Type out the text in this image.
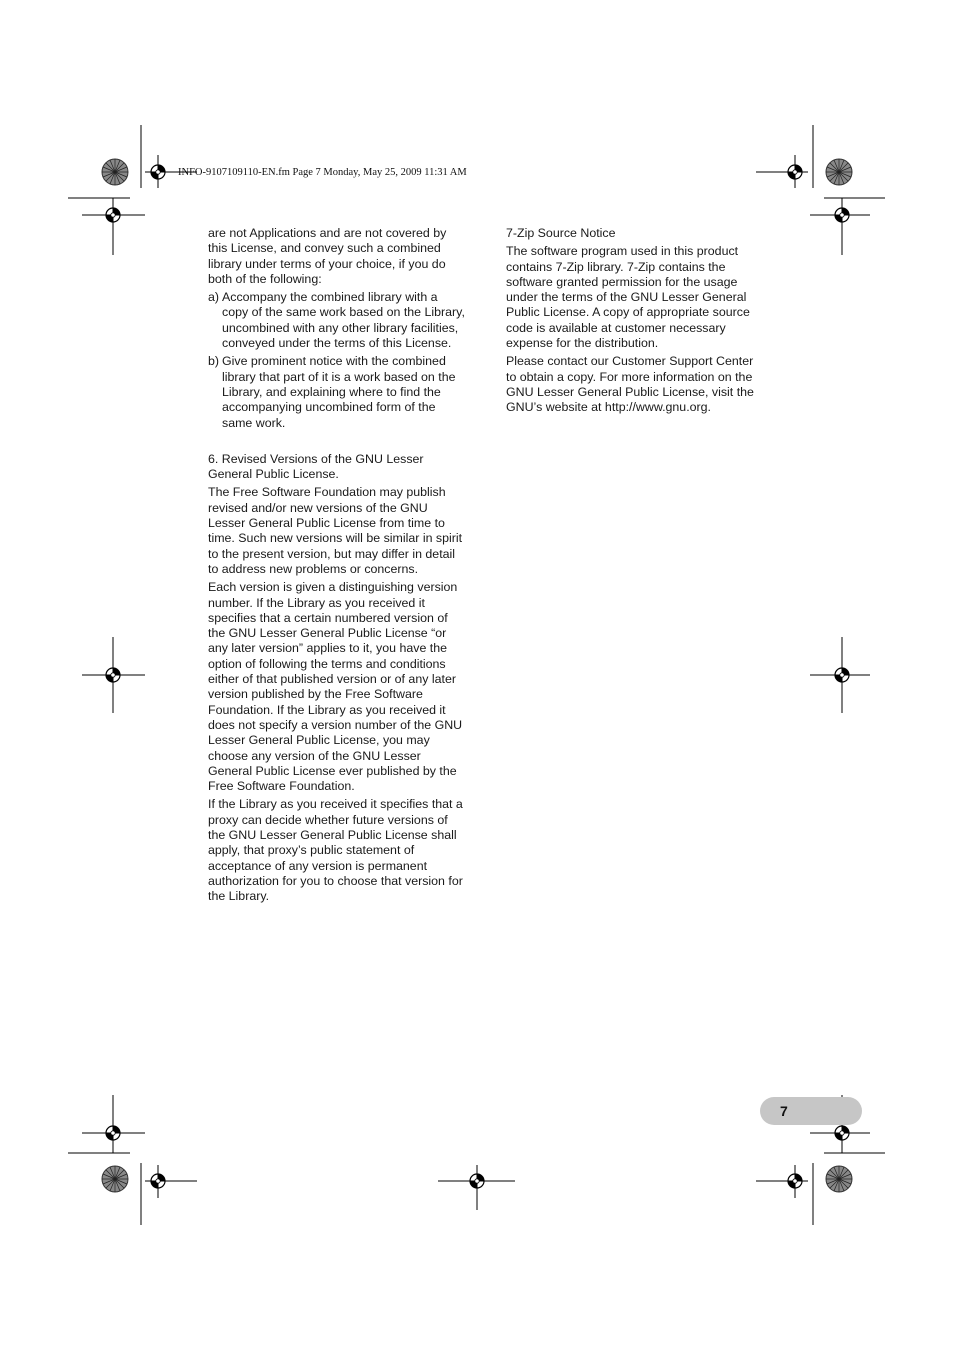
INFO-9107109110-EN.fm Page 7 Monday, May 25, 2009 11:31 AM

are not Applications and are not covered by this License, and convey such a combined library under terms of your choice, if you do both of the following:

a) Accompany the combined library with a copy of the same work based on the Library, uncombined with any other library facilities, conveyed under the terms of this License.
b) Give prominent notice with the combined library that part of it is a work based on the Library, and explaining where to find the accompanying uncombined form of the same work.

6. Revised Versions of the GNU Lesser General Public License.

The Free Software Foundation may publish revised and/or new versions of the GNU Lesser General Public License from time to time. Such new versions will be similar in spirit to the present version, but may differ in detail to address new problems or concerns.

Each version is given a distinguishing version number. If the Library as you received it specifies that a certain numbered version of the GNU Lesser General Public License “or any later version” applies to it, you have the option of following the terms and conditions either of that published version or of any later version published by the Free Software Foundation. If the Library as you received it does not specify a version number of the GNU Lesser General Public License, you may choose any version of the GNU Lesser General Public License ever published by the Free Software Foundation.

If the Library as you received it specifies that a proxy can decide whether future versions of the GNU Lesser General Public License shall apply, that proxy’s public statement of acceptance of any version is permanent authorization for you to choose that version for the Library.

7-Zip Source Notice

The software program used in this product contains 7-Zip library. 7-Zip contains the software granted permission for the usage under the terms of the GNU Lesser General Public License. A copy of appropriate source code is available at customer necessary expense for the distribution.

Please contact our Customer Support Center to obtain a copy. For more information on the GNU Lesser General Public License, visit the GNU’s website at http://www.gnu.org.

7
